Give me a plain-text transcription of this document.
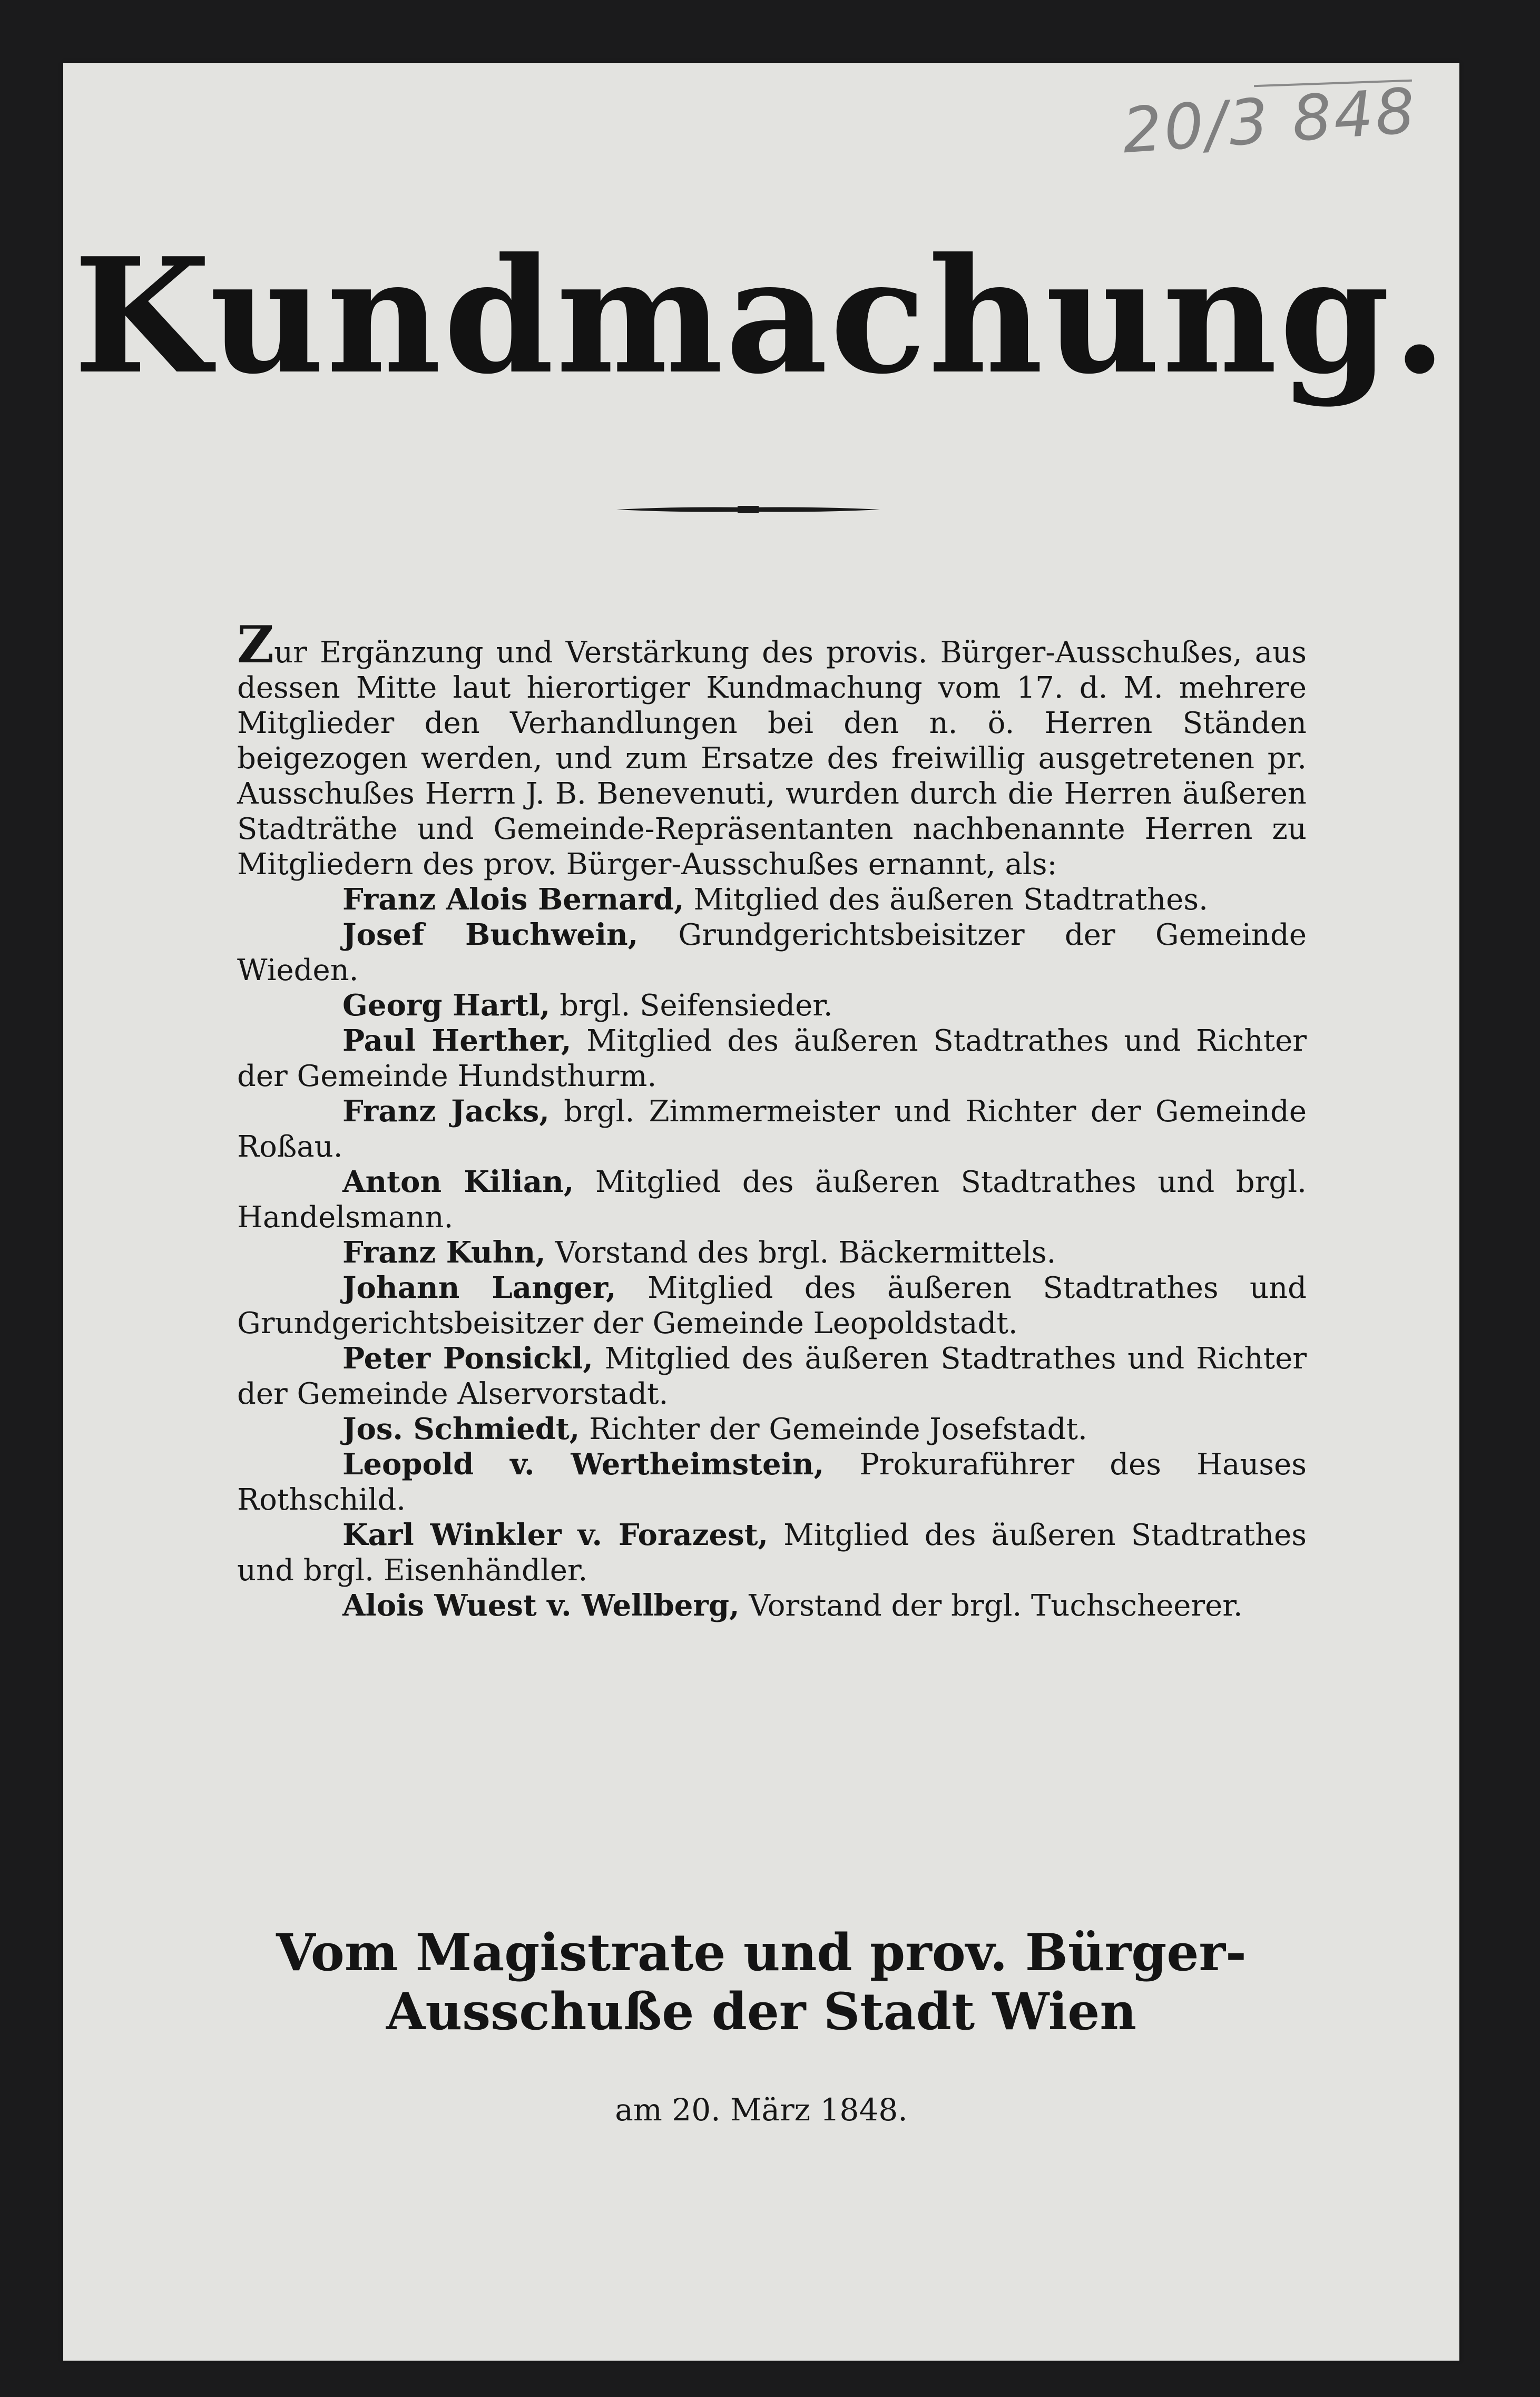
20/3 848
Kundmachung.

Zur Ergänzung und Verstärkung des provis. Bürger-Ausschußes, aus dessen Mitte laut hierortiger Kundmachung vom 17. d. M. mehrere Mitglieder den Verhandlungen bei den n. ö. Herren Ständen beigezogen werden, und zum Ersatze des freiwillig ausgetretenen pr. Ausschußes Herrn J. B. Benevenuti, wurden durch die Herren äußeren Stadträthe und Gemeinde-Repräsentanten nachbenannte Herren zu Mitgliedern des prov. Bürger-Ausschußes ernannt, als:

Franz Alois Bernard, Mitglied des äußeren Stadtrathes.

Josef Buchwein, Grundgerichtsbeisitzer der Gemeinde Wieden.

Georg Hartl, brgl. Seifensieder.

Paul Herther, Mitglied des äußeren Stadtrathes und Richter der Gemeinde Hundsthurm.

Franz Jacks, brgl. Zimmermeister und Richter der Gemeinde Roßau.

Anton Kilian, Mitglied des äußeren Stadtrathes und brgl. Handelsmann.

Franz Kuhn, Vorstand des brgl. Bäckermittels.

Johann Langer, Mitglied des äußeren Stadtrathes und Grundgerichtsbeisitzer der Gemeinde Leopoldstadt.

Peter Ponsickl, Mitglied des äußeren Stadtrathes und Richter der Gemeinde Alservorstadt.

Jos. Schmiedt, Richter der Gemeinde Josefstadt.

Leopold v. Wertheimstein, Prokuraführer des Hauses Rothschild.

Karl Winkler v. Forazest, Mitglied des äußeren Stadtrathes und brgl. Eisenhändler.

Alois Wuest v. Wellberg, Vorstand der brgl. Tuchscheerer.

Vom Magistrate und prov. Bürger-
Ausschuße der Stadt Wien
am 20. März 1848.
